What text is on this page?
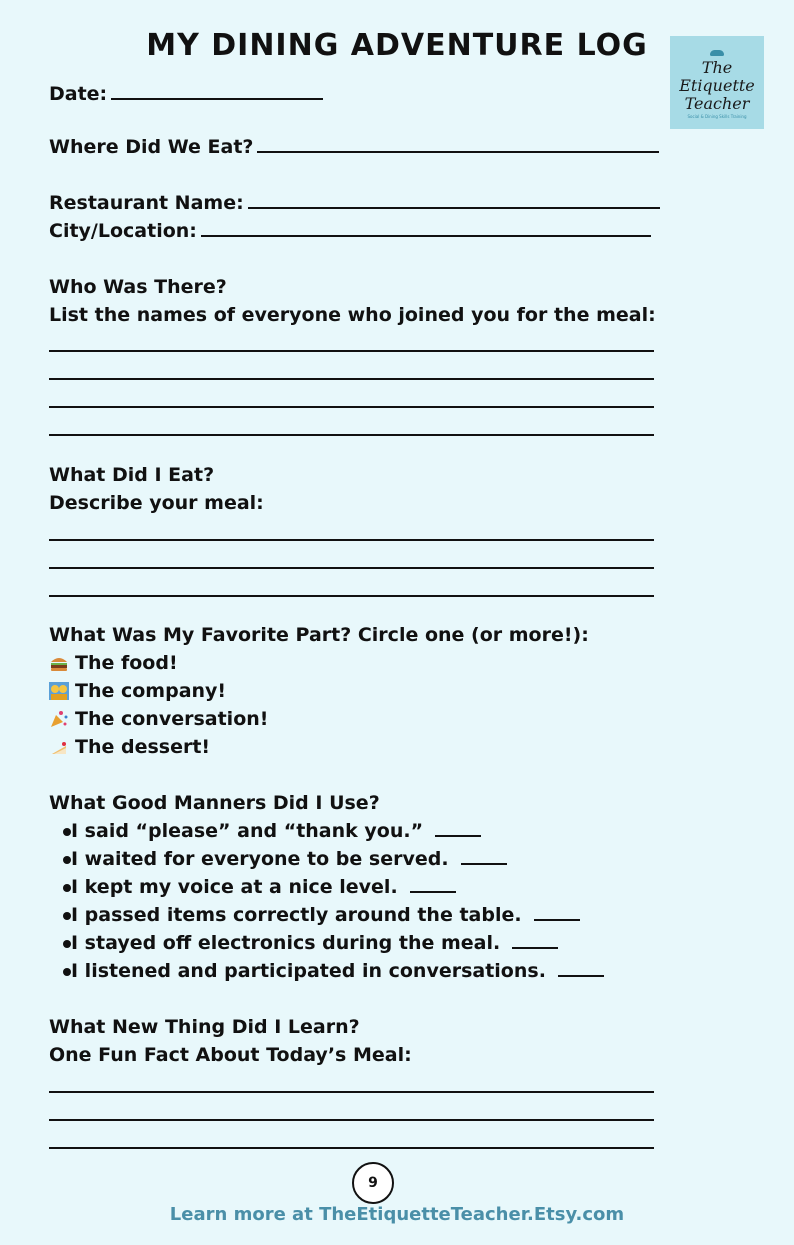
MY DINING ADVENTURE LOG
The
Etiquette
Teacher
Social & Dining Skills Training
Date:
Where Did We Eat?
Restaurant Name:
City/Location:
Who Was There?
List the names of everyone who joined you for the meal:
What Did I Eat?
Describe your meal:
What Was My Favorite Part? Circle one (or more!):
The food!
The company!
The conversation!
The dessert!
What Good Manners Did I Use?
I said “please” and “thank you.”
I waited for everyone to be served.
I kept my voice at a nice level.
I passed items correctly around the table.
I stayed off electronics during the meal.
I listened and participated in conversations.
What New Thing Did I Learn?
One Fun Fact About Today’s Meal:
9
Learn more at TheEtiquetteTeacher.Etsy.com
